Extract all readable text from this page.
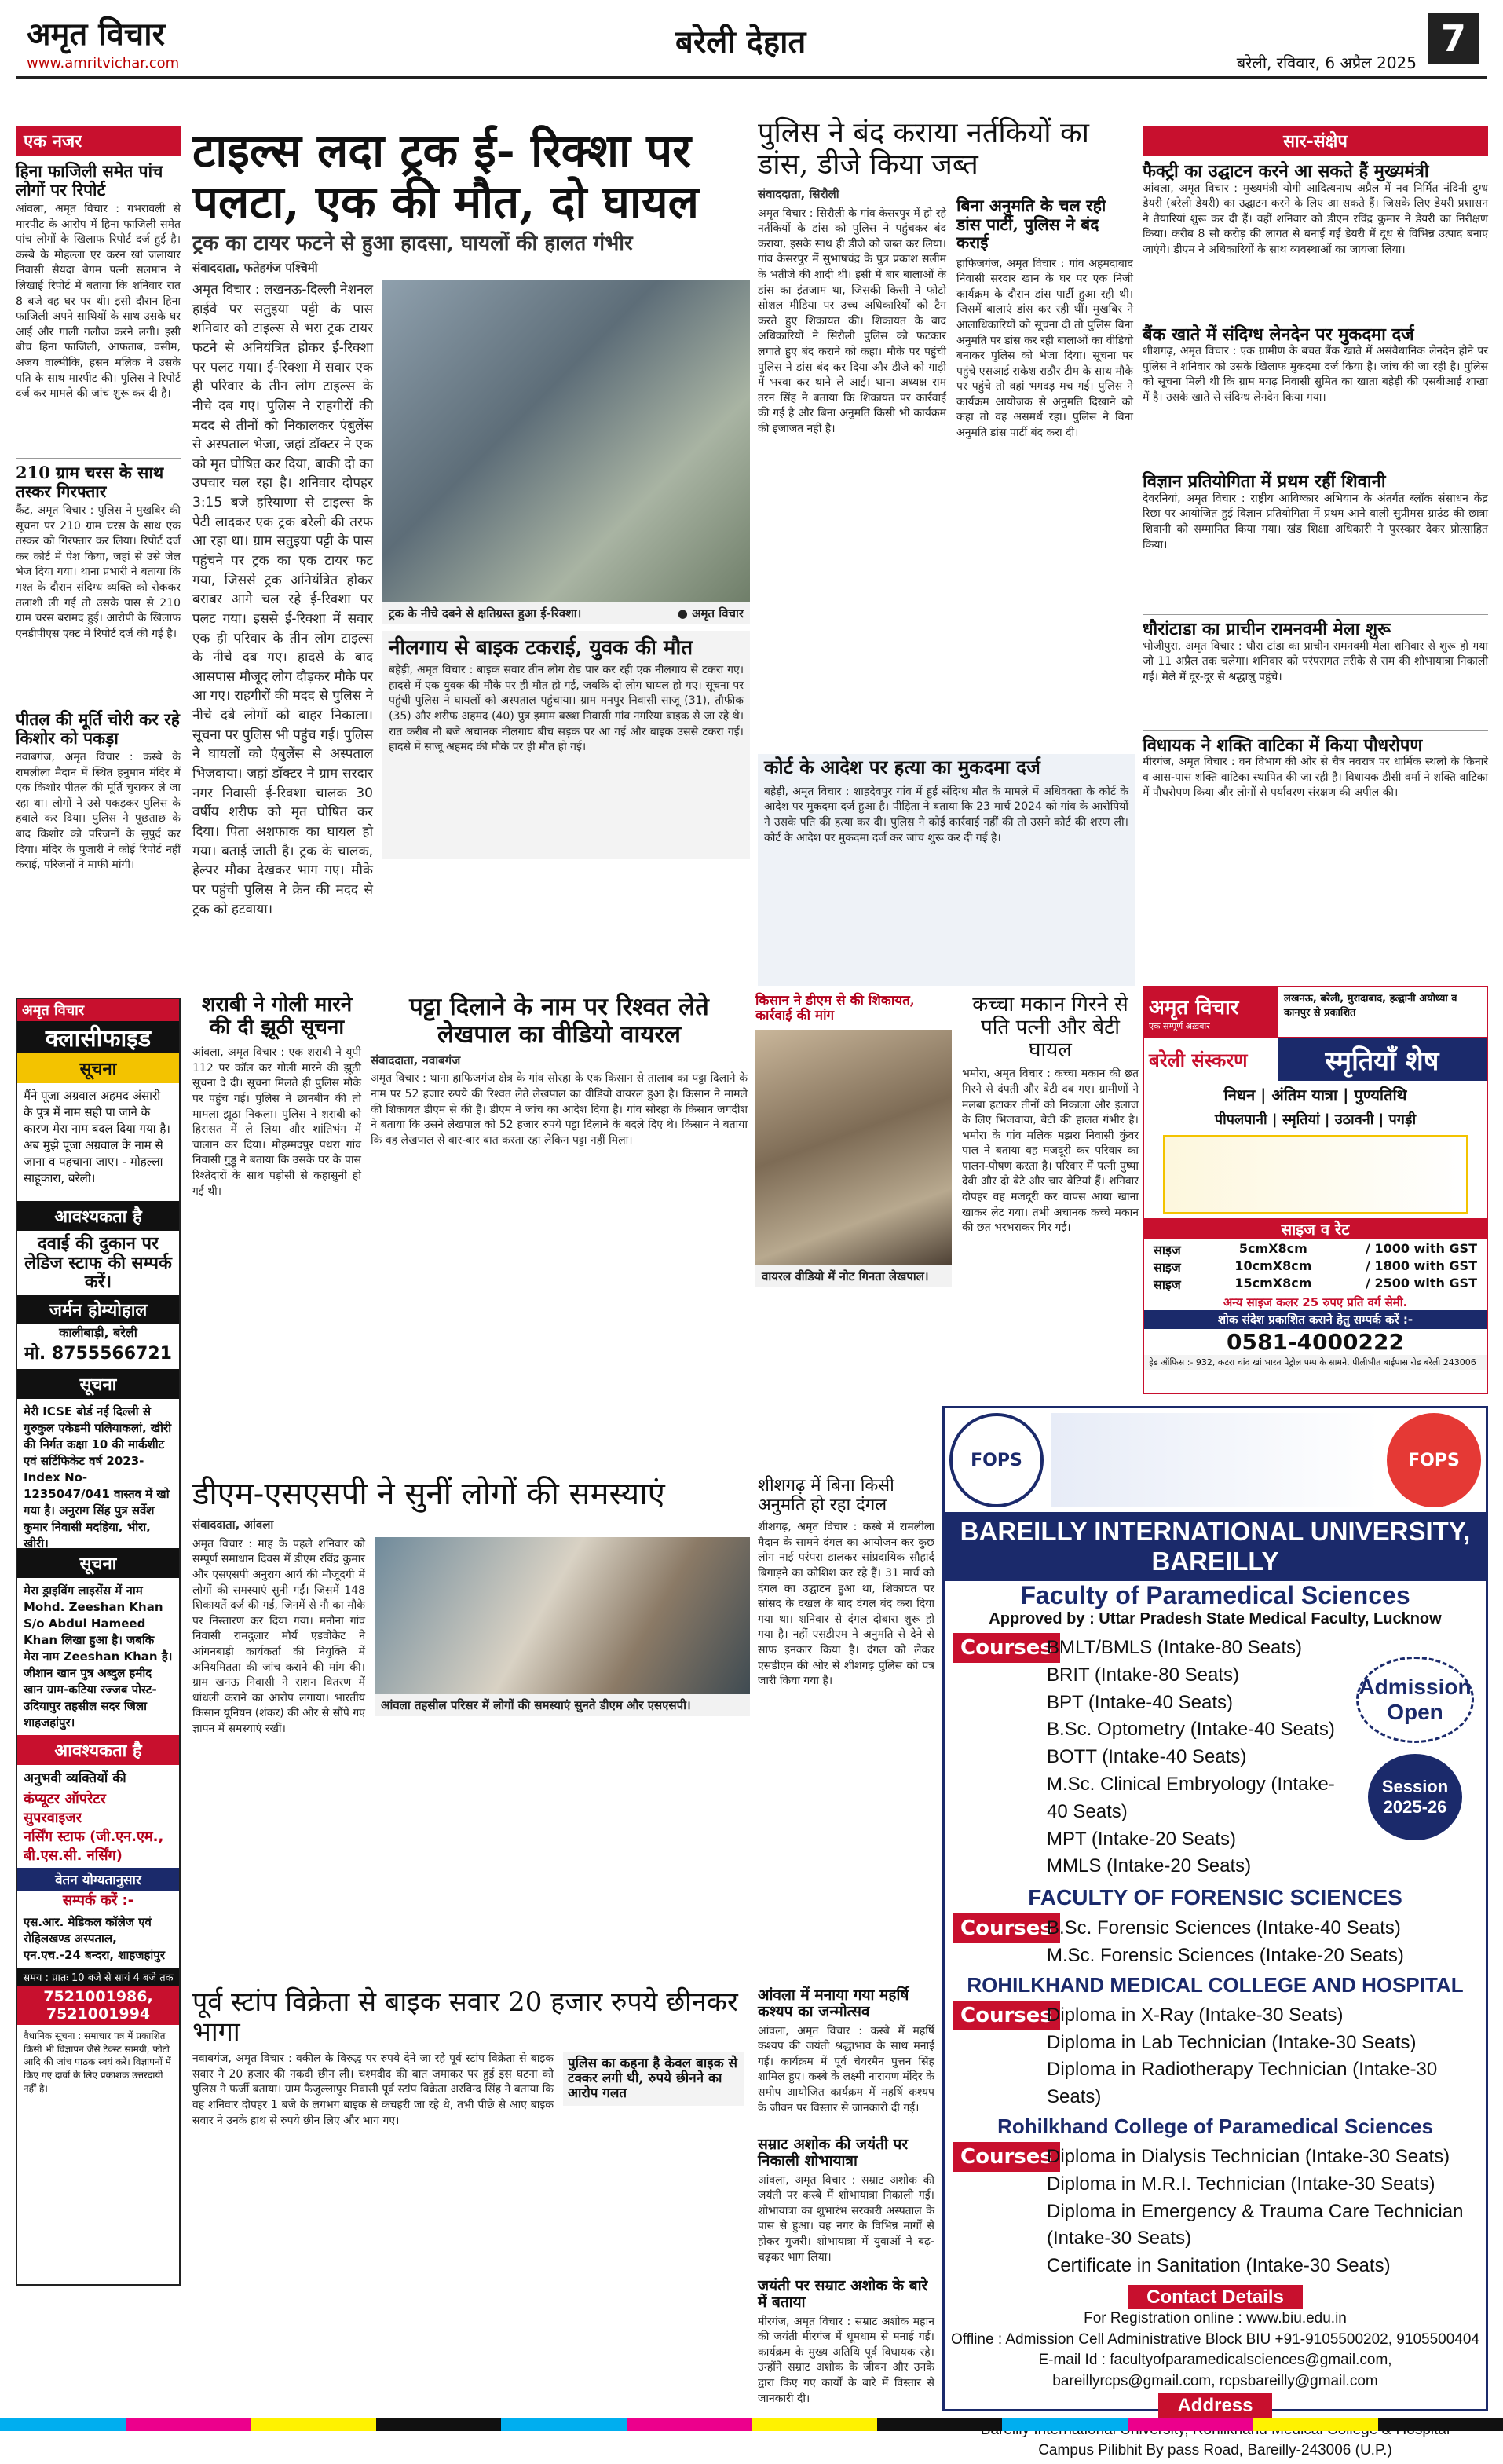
अमृत विचार
www.amritvichar.com
बरेली देहात
बरेली, रविवार, 6 अप्रैल 2025
7
एक नजर
हिना फाजिली समेत पांच लोगों पर रिपोर्ट
आंवला, अमृत विचार : गभरावली से मारपीट के आरोप में हिना फाजिली समेत पांच लोगों के खिलाफ रिपोर्ट दर्ज हुई है। कस्बे के मोहल्ला एर करन खां जलायार निवासी सैयदा बेगम पत्नी सलमान ने लिखाई रिपोर्ट में बताया कि शनिवार रात 8 बजे वह घर पर थी। इसी दौरान हिना फाजिली अपने साथियों के साथ उसके घर आई और गाली गलौज करने लगी। इसी बीच हिना फाजिली, आफताब, वसीम, अजय वाल्मीकि, हसन मलिक ने उसके पति के साथ मारपीट की। पुलिस ने रिपोर्ट दर्ज कर मामले की जांच शुरू कर दी है।
210 ग्राम चरस के साथ तस्कर गिरफ्तार
कैंट, अमृत विचार : पुलिस ने मुखबिर की सूचना पर 210 ग्राम चरस के साथ एक तस्कर को गिरफ्तार कर लिया। रिपोर्ट दर्ज कर कोर्ट में पेश किया, जहां से उसे जेल भेज दिया गया। थाना प्रभारी ने बताया कि गश्त के दौरान संदिग्ध व्यक्ति को रोककर तलाशी ली गई तो उसके पास से 210 ग्राम चरस बरामद हुई। आरोपी के खिलाफ एनडीपीएस एक्ट में रिपोर्ट दर्ज की गई है।
पीतल की मूर्ति चोरी कर रहे किशोर को पकड़ा
नवाबगंज, अमृत विचार : कस्बे के रामलीला मैदान में स्थित हनुमान मंदिर में एक किशोर पीतल की मूर्ति चुराकर ले जा रहा था। लोगों ने उसे पकड़कर पुलिस के हवाले कर दिया। पुलिस ने पूछताछ के बाद किशोर को परिजनों के सुपुर्द कर दिया। मंदिर के पुजारी ने कोई रिपोर्ट नहीं कराई, परिजनों ने माफी मांगी।
अमृत विचार
क्लासीफाइड
सूचना
मैंने पूजा अग्रवाल अहमद अंसारी के पुत्र में नाम सही पा जाने के कारण मेरा नाम बदल दिया गया है। अब मुझे पूजा अग्रवाल के नाम से जाना व पहचाना जाए। - मोहल्ला साहूकारा, बरेली।
आवश्यकता है
दवाई की दुकान पर लेडिज स्टाफ की सम्पर्क करें।
जर्मन होम्योहाल
कालीबाड़ी, बरेली
मो. 8755566721
सूचना
मेरी ICSE बोर्ड नई दिल्ली से गुरुकुल एकेडमी पलियाकलां, खीरी की निर्गत कक्षा 10 की मार्कशीट एवं सर्टिफिकेट वर्ष 2023-Index No-1235047/041 वास्तव में खो गया है। अनुराग सिंह पुत्र सर्वेश कुमार निवासी मदहिया, भीरा, खीरी।
सूचना
मेरा ड्राइविंग लाइसेंस में नाम Mohd. Zeeshan Khan S/o Abdul Hameed Khan लिखा हुआ है। जबकि मेरा नाम Zeeshan Khan है। जीशान खान पुत्र अब्दुल हमीद खान ग्राम-कटिया रज्जब पोस्ट-उदियापुर तहसील सदर जिला शाहजहांपुर।
आवश्यकता है
अनुभवी व्यक्तियों की
कंप्यूटर ऑपरेटर
सुपरवाइजर
नर्सिंग स्टाफ (जी.एन.एम., बी.एस.सी. नर्सिंग)
वेतन योग्यतानुसार
सम्पर्क करें :-
एस.आर. मेडिकल कॉलेज एवं रोहिलखण्ड अस्पताल, एन.एच.-24 बन्दरा, शाहजहांपुर
समय : प्रातः 10 बजे से सायं 4 बजे तक
7521001986, 7521001994
वैधानिक सूचना : समाचार पत्र में प्रकाशित किसी भी विज्ञापन जैसे टेक्स्ट सामग्री, फोटो आदि की जांच पाठक स्वयं करें। विज्ञापनों में किए गए दावों के लिए प्रकाशक उत्तरदायी नहीं है।
टाइल्स लदा ट्रक ई- रिक्शा पर पलटा, एक की मौत, दो घायल
ट्रक का टायर फटने से हुआ हादसा, घायलों की हालत गंभीर
संवाददाता, फतेहगंज पश्चिमी
अमृत विचार : लखनऊ-दिल्ली नेशनल हाईवे पर सतुइया पट्टी के पास शनिवार को टाइल्स से भरा ट्रक टायर फटने से अनियंत्रित होकर ई-रिक्शा पर पलट गया। ई-रिक्शा में सवार एक ही परिवार के तीन लोग टाइल्स के नीचे दब गए। पुलिस ने राहगीरों की मदद से तीनों को निकालकर एंबुलेंस से अस्पताल भेजा, जहां डॉक्टर ने एक को मृत घोषित कर दिया, बाकी दो का उपचार चल रहा है। शनिवार दोपहर 3:15 बजे हरियाणा से टाइल्स के पेटी लादकर एक ट्रक बरेली की तरफ आ रहा था। ग्राम सतुइया पट्टी के पास पहुंचने पर ट्रक का एक टायर फट गया, जिससे ट्रक अनियंत्रित होकर बराबर आगे चल रहे ई-रिक्शा पर पलट गया। इससे ई-रिक्शा में सवार एक ही परिवार के तीन लोग टाइल्स के नीचे दब गए। हादसे के बाद आसपास मौजूद लोग दौड़कर मौके पर आ गए। राहगीरों की मदद से पुलिस ने नीचे दबे लोगों को बाहर निकाला। सूचना पर पुलिस भी पहुंच गई। पुलिस ने घायलों को एंबुलेंस से अस्पताल भिजवाया। जहां डॉक्टर ने ग्राम सरदार नगर निवासी ई-रिक्शा चालक 30 वर्षीय शरीफ को मृत घोषित कर दिया। पिता अशफाक का घायल हो गया। बताई जाती है। ट्रक के चालक, हेल्पर मौका देखकर भाग गए। मौके पर पहुंची पुलिस ने क्रेन की मदद से ट्रक को हटवाया।
ट्रक के नीचे दबने से क्षतिग्रस्त हुआ ई-रिक्शा।	● अमृत विचार
नीलगाय से बाइक टकराई, युवक की मौत
बहेड़ी, अमृत विचार : बाइक सवार तीन लोग रोड पार कर रही एक नीलगाय से टकरा गए। हादसे में एक युवक की मौके पर ही मौत हो गई, जबकि दो लोग घायल हो गए। सूचना पर पहुंची पुलिस ने घायलों को अस्पताल पहुंचाया। ग्राम मनपुर निवासी साजू (31), तौफीक (35) और शरीफ अहमद (40) पुत्र इमाम बख्श निवासी गांव नगरिया बाइक से जा रहे थे। रात करीब नौ बजे अचानक नीलगाय बीच सड़क पर आ गई और बाइक उससे टकरा गई। हादसे में साजू अहमद की मौके पर ही मौत हो गई।
शराबी ने गोली मारने की दी झूठी सूचना
आंवला, अमृत विचार : एक शराबी ने यूपी 112 पर कॉल कर गोली मारने की झूठी सूचना दे दी। सूचना मिलते ही पुलिस मौके पर पहुंच गई। पुलिस ने छानबीन की तो मामला झूठा निकला। पुलिस ने शराबी को हिरासत में ले लिया और शांतिभंग में चालान कर दिया। मोहम्मदपुर पथरा गांव निवासी गुड्डू ने बताया कि उसके घर के पास रिश्तेदारों के साथ पड़ोसी से कहासुनी हो गई थी।
पट्टा दिलाने के नाम पर रिश्वत लेते लेखपाल का वीडियो वायरल
संवाददाता, नवाबगंज
अमृत विचार : थाना हाफिजगंज क्षेत्र के गांव सोरहा के एक किसान से तालाब का पट्टा दिलाने के नाम पर 52 हजार रुपये की रिश्वत लेते लेखपाल का वीडियो वायरल हुआ है। किसान ने मामले की शिकायत डीएम से की है। डीएम ने जांच का आदेश दिया है। गांव सोरहा के किसान जगदीश ने बताया कि उसने लेखपाल को 52 हजार रुपये पट्टा दिलाने के बदले दिए थे। किसान ने बताया कि वह लेखपाल से बार-बार बात करता रहा लेकिन पट्टा नहीं मिला।
किसान ने डीएम से की शिकायत, कार्रवाई की मांग
वायरल वीडियो में नोट गिनता लेखपाल।
पुलिस ने बंद कराया नर्तकियों का डांस, डीजे किया जब्त
संवाददाता, सिरौली
अमृत विचार : सिरौली के गांव केसरपुर में हो रहे नर्तकियों के डांस को पुलिस ने पहुंचकर बंद कराया, इसके साथ ही डीजे को जब्त कर लिया। गांव केसरपुर में सुभाषचंद्र के पुत्र प्रकाश सलीम के भतीजे की शादी थी। इसी में बार बालाओं के डांस का इंतजाम था, जिसकी किसी ने फोटो सोशल मीडिया पर उच्च अधिकारियों को टैग करते हुए शिकायत की। शिकायत के बाद अधिकारियों ने सिरौली पुलिस को फटकार लगाते हुए बंद कराने को कहा। मौके पर पहुंची पुलिस ने डांस बंद कर दिया और डीजे को गाड़ी में भरवा कर थाने ले आई। थाना अध्यक्ष राम तरन सिंह ने बताया कि शिकायत पर कार्रवाई की गई है और बिना अनुमति किसी भी कार्यक्रम की इजाजत नहीं है।
बिना अनुमति के चल रही डांस पार्टी, पुलिस ने बंद कराई
हाफिजगंज, अमृत विचार : गांव अहमदाबाद निवासी सरदार खान के घर पर एक निजी कार्यक्रम के दौरान डांस पार्टी हुआ रही थी। जिसमें बालाएं डांस कर रही थीं। मुखबिर ने आलाधिकारियों को सूचना दी तो पुलिस बिना अनुमति पर डांस कर रही बालाओं का वीडियो बनाकर पुलिस को भेजा दिया। सूचना पर पहुंचे एसआई राकेश राठौर टीम के साथ मौके पर पहुंचे तो वहां भगदड़ मच गई। पुलिस ने कार्यक्रम आयोजक से अनुमति दिखाने को कहा तो वह असमर्थ रहा। पुलिस ने बिना अनुमति डांस पार्टी बंद करा दी।
कोर्ट के आदेश पर हत्या का मुकदमा दर्ज
बहेड़ी, अमृत विचार : शाहदेवपुर गांव में हुई संदिग्ध मौत के मामले में अधिवक्ता के कोर्ट के आदेश पर मुकदमा दर्ज हुआ है। पीड़िता ने बताया कि 23 मार्च 2024 को गांव के आरोपियों ने उसके पति की हत्या कर दी। पुलिस ने कोई कार्रवाई नहीं की तो उसने कोर्ट की शरण ली। कोर्ट के आदेश पर मुकदमा दर्ज कर जांच शुरू कर दी गई है।
कच्चा मकान गिरने से पति पत्नी और बेटी घायल
भमोरा, अमृत विचार : कच्चा मकान की छत गिरने से दंपती और बेटी दब गए। ग्रामीणों ने मलबा हटाकर तीनों को निकाला और इलाज के लिए भिजवाया, बेटी की हालत गंभीर है। भमोरा के गांव मलिक मझरा निवासी कुंवर पाल ने बताया वह मजदूरी कर परिवार का पालन-पोषण करता है। परिवार में पत्नी पुष्पा देवी और दो बेटे और चार बेटियां हैं। शनिवार दोपहर वह मजदूरी कर वापस आया खाना खाकर लेट गया। तभी अचानक कच्चे मकान की छत भरभराकर गिर गई।
डीएम-एसएसपी ने सुनीं लोगों की समस्याएं
संवाददाता, आंवला
अमृत विचार : माह के पहले शनिवार को सम्पूर्ण समाधान दिवस में डीएम रविंद्र कुमार और एसएसपी अनुराग आर्य की मौजूदगी में लोगों की समस्याएं सुनी गईं। जिसमें 148 शिकायतें दर्ज की गईं, जिनमें से नौ का मौके पर निस्तारण कर दिया गया। मनौना गांव निवासी रामदुलार मौर्य एडवोकेट ने आंगनबाड़ी कार्यकर्ता की नियुक्ति में अनियमितता की जांच कराने की मांग की। ग्राम खनऊ निवासी ने राशन वितरण में धांधली कराने का आरोप लगाया। भारतीय किसान यूनियन (शंकर) की ओर से सौंपे गए ज्ञापन में समस्याएं रखीं।
आंवला तहसील परिसर में लोगों की समस्याएं सुनते डीएम और एसएसपी।
शीशगढ़ में बिना किसी अनुमति हो रहा दंगल
शीशगढ़, अमृत विचार : कस्बे में रामलीला मैदान के सामने दंगल का आयोजन कर कुछ लोग नाई परंपरा डालकर सांप्रदायिक सौहार्द बिगाड़ने का कोशिश कर रहे हैं। 31 मार्च को दंगल का उद्घाटन हुआ था, शिकायत पर सांसद के दखल के बाद दंगल बंद करा दिया गया था। शनिवार से दंगल दोबारा शुरू हो गया है। नहीं एसडीएम ने अनुमति से देने से साफ इनकार किया है। दंगल को लेकर एसडीएम की ओर से शीशगढ़ पुलिस को पत्र जारी किया गया है।
पूर्व स्टांप विक्रेता से बाइक सवार 20 हजार रुपये छीनकर भागा
नवाबगंज, अमृत विचार : वकील के विरुद्ध पर रुपये देने जा रहे पूर्व स्टांप विक्रेता से बाइक सवार ने 20 हजार की नकदी छीन ली। चश्मदीद की बात जमाकर पर हुई इस घटना को पुलिस ने फर्जी बताया। ग्राम फैजुल्लापुर निवासी पूर्व स्टांप विक्रेता अरविन्द सिंह ने बताया कि वह शनिवार दोपहर 1 बजे के लगभग बाइक से कचहरी जा रहे थे, तभी पीछे से आए बाइक सवार ने उनके हाथ से रुपये छीन लिए और भाग गए।
पुलिस का कहना है केवल बाइक से टक्कर लगी थी, रुपये छीनने का आरोप गलत
आंवला में मनाया गया महर्षि कश्यप का जन्मोत्सव
आंवला, अमृत विचार : कस्बे में महर्षि कश्यप की जयंती श्रद्धाभाव के साथ मनाई गई। कार्यक्रम में पूर्व चेयरमैन पुत्तन सिंह शामिल हुए। कस्बे के लक्ष्मी नारायण मंदिर के समीप आयोजित कार्यक्रम में महर्षि कश्यप के जीवन पर विस्तार से जानकारी दी गई।
सम्राट अशोक की जयंती पर निकाली शोभायात्रा
आंवला, अमृत विचार : सम्राट अशोक की जयंती पर कस्बे में शोभायात्रा निकाली गई। शोभायात्रा का शुभारंभ सरकारी अस्पताल के पास से हुआ। यह नगर के विभिन्न मार्गों से होकर गुजरी। शोभायात्रा में युवाओं ने बढ़-चढ़कर भाग लिया।
जयंती पर सम्राट अशोक के बारे में बताया
मीरगंज, अमृत विचार : सम्राट अशोक महान की जयंती मीरगंज में धूमधाम से मनाई गई। कार्यक्रम के मुख्य अतिथि पूर्व विधायक रहे। उन्होंने सम्राट अशोक के जीवन और उनके द्वारा किए गए कार्यों के बारे में विस्तार से जानकारी दी।
सार-संक्षेप
फैक्ट्री का उद्घाटन करने आ सकते हैं मुख्यमंत्री
आंवला, अमृत विचार : मुख्यमंत्री योगी आदित्यनाथ अप्रैल में नव निर्मित नंदिनी दुग्ध डेयरी (बरेली डेयरी) का उद्घाटन करने के लिए आ सकते हैं। जिसके लिए डेयरी प्रशासन ने तैयारियां शुरू कर दी हैं। वहीं शनिवार को डीएम रविंद्र कुमार ने डेयरी का निरीक्षण किया। करीब 8 सौ करोड़ की लागत से बनाई गई डेयरी में दूध से विभिन्न उत्पाद बनाए जाएंगे। डीएम ने अधिकारियों के साथ व्यवस्थाओं का जायजा लिया।
बैंक खाते में संदिग्ध लेनदेन पर मुकदमा दर्ज
शीशगढ़, अमृत विचार : एक ग्रामीण के बचत बैंक खाते में असंवैधानिक लेनदेन होने पर पुलिस ने शनिवार को उसके खिलाफ मुकदमा दर्ज किया है। जांच की जा रही है। पुलिस को सूचना मिली थी कि ग्राम मगढ़ निवासी सुमित का खाता बहेड़ी की एसबीआई शाखा में है। उसके खाते से संदिग्ध लेनदेन किया गया।
विज्ञान प्रतियोगिता में प्रथम रहीं शिवानी
देवरनियां, अमृत विचार : राष्ट्रीय आविष्कार अभियान के अंतर्गत ब्लॉक संसाधन केंद्र रिछा पर आयोजित हुई विज्ञान प्रतियोगिता में प्रथम आने वाली सुप्रीमस ग्राउंड की छात्रा शिवानी को सम्मानित किया गया। खंड शिक्षा अधिकारी ने पुरस्कार देकर प्रोत्साहित किया।
धौरांटाडा का प्राचीन रामनवमी मेला शुरू
भोजीपुरा, अमृत विचार : धौरा टांडा का प्राचीन रामनवमी मेला शनिवार से शुरू हो गया जो 11 अप्रैल तक चलेगा। शनिवार को परंपरागत तरीके से राम की शोभायात्रा निकाली गई। मेले में दूर-दूर से श्रद्धालु पहुंचे।
विधायक ने शक्ति वाटिका में किया पौधरोपण
मीरगंज, अमृत विचार : वन विभाग की ओर से चैत्र नवरात्र पर धार्मिक स्थलों के किनारे व आस-पास शक्ति वाटिका स्थापित की जा रही है। विधायक डीसी वर्मा ने शक्ति वाटिका में पौधरोपण किया और लोगों से पर्यावरण संरक्षण की अपील की।
अमृत विचार
एक सम्पूर्ण अख़बार
लखनऊ, बरेली, मुरादाबाद, हल्द्वानी अयोध्या व कानपुर से प्रकाशित
बरेली संस्करण	स्मृतियाँ शेष
निधन | अंतिम यात्रा | पुण्यतिथि
पीपलपानी | स्मृतियां | उठावनी | पगड़ी
साइज व रेट
साइज	5cmX8cm	/ 1000 with GST
साइज	10cmX8cm	/ 1800 with GST
साइज	15cmX8cm	/ 2500 with GST
अन्य साइज कलर 25 रुपए प्रति वर्ग सेमी.
शोक संदेश प्रकाशित कराने हेतु सम्पर्क करें :-
0581-4000222
हेड ऑफिस :- 932, कटरा चांद खां भारत पेट्रोल पम्प के सामने, पीलीभीत बाईपास रोड बरेली 243006
FOPS	FOPS
BAREILLY INTERNATIONAL UNIVERSITY, BAREILLY
Faculty of Paramedical Sciences
Approved by : Uttar Pradesh State Medical Faculty, Lucknow
Courses
BMLT/BMLS (Intake-80 Seats)
BRIT (Intake-80 Seats)
BPT (Intake-40 Seats)
B.Sc. Optometry (Intake-40 Seats)
BOTT (Intake-40 Seats)
M.Sc. Clinical Embryology (Intake-40 Seats)
MPT (Intake-20 Seats)
MMLS (Intake-20 Seats)
Admission Open
Session 2025-26
FACULTY OF FORENSIC SCIENCES
Courses
B.Sc. Forensic Sciences (Intake-40 Seats)
M.Sc. Forensic Sciences (Intake-20 Seats)
ROHILKHAND MEDICAL COLLEGE AND HOSPITAL
Courses
Diploma in X-Ray (Intake-30 Seats)
Diploma in Lab Technician (Intake-30 Seats)
Diploma in Radiotherapy Technician (Intake-30 Seats)
Rohilkhand College of Paramedical Sciences
Courses
Diploma in Dialysis Technician (Intake-30 Seats)
Diploma in M.R.I. Technician (Intake-30 Seats)
Diploma in Emergency & Trauma Care Technician (Intake-30 Seats)
Certificate in Sanitation (Intake-30 Seats)
Contact Details
For Registration online : www.biu.edu.in
Offline : Admission Cell Administrative Block BIU +91-9105500202, 9105500404
E-mail Id : facultyofparamedicalsciences@gmail.com,
bareillyrcps@gmail.com, rcpsbareilly@gmail.com
Address
Campus Pilibhit By pass Road, Bareilly-243006 (U.P.)
